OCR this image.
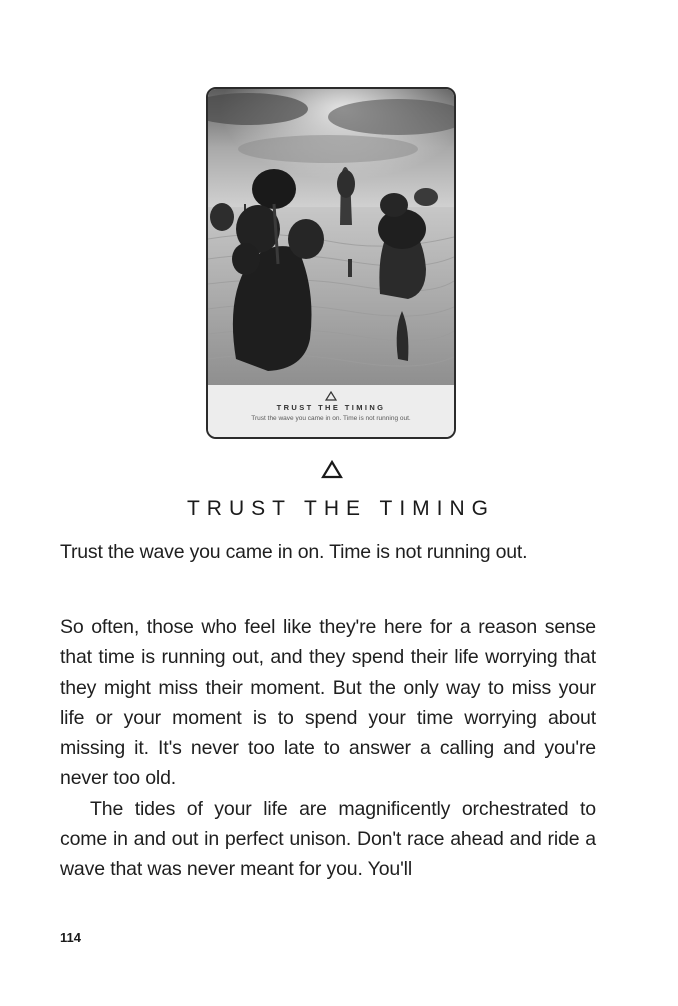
TRUST THE TIMING
Trust the wave you came in on. Time is not running out.
TRUST THE TIMING
Trust the wave you came in on. Time is not running out.

So often, those who feel like they're here for a reason sense that time is running out, and they spend their life worrying that they might miss their moment. But the only way to miss your life or your moment is to spend your time worrying about missing it. It's never too late to answer a calling and you're never too old.

The tides of your life are magnificently orchestrated to come in and out in perfect unison. Don't race ahead and ride a wave that was never meant for you. You'll

114
